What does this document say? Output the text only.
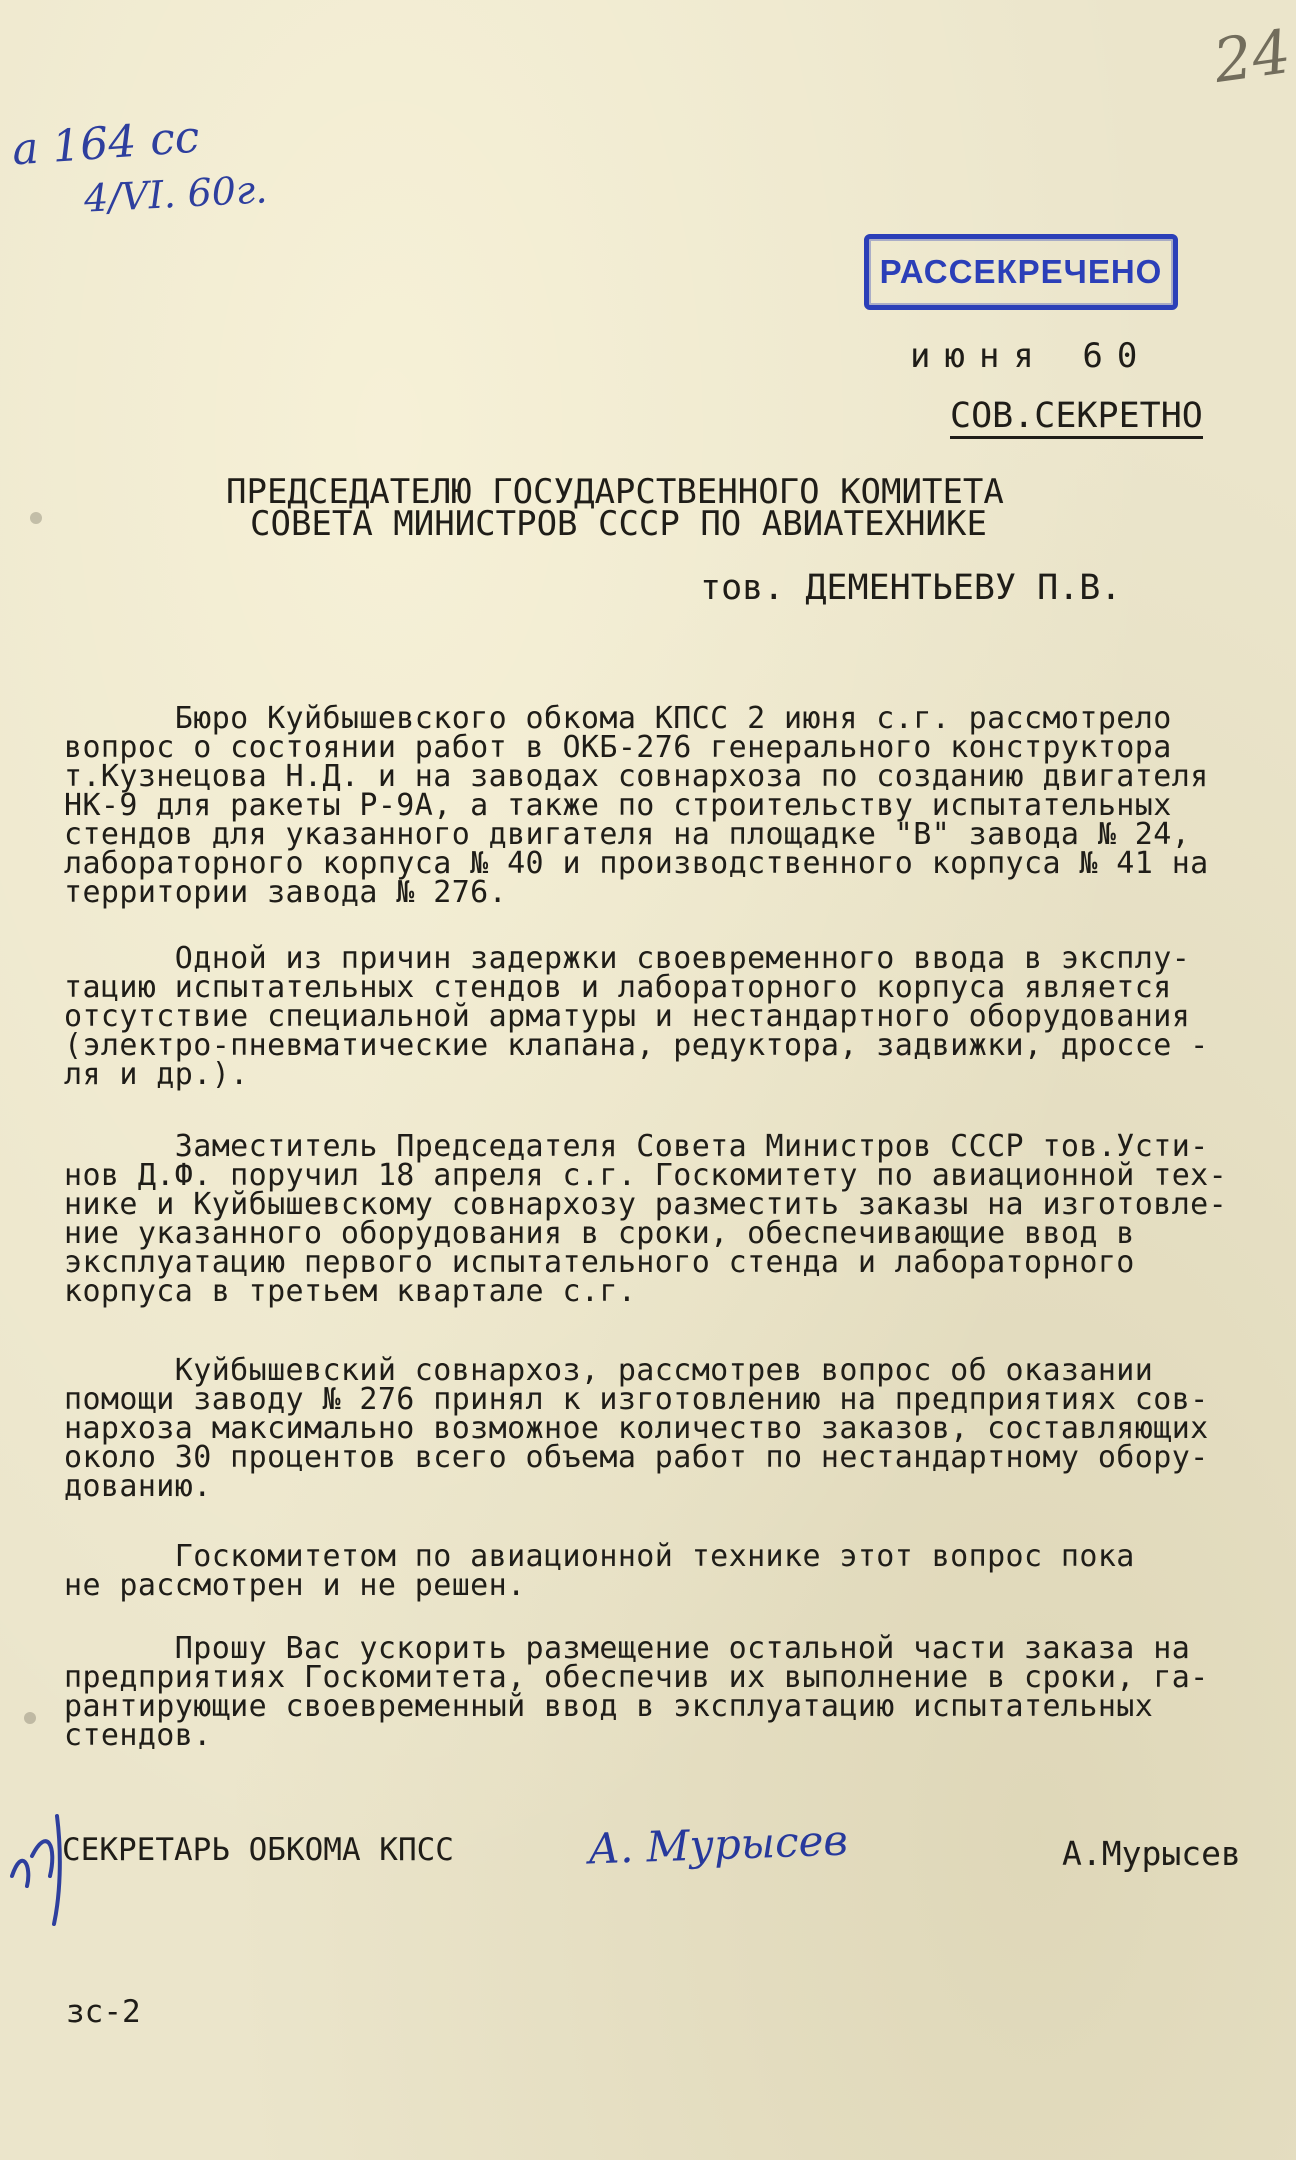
а 164 сс
4/VI. 60г.
24
РАССЕКРЕЧЕНО
июня 60
СОВ.СЕКРЕТНО
ПРЕДСЕДАТЕЛЮ ГОСУДАРСТВЕННОГО КОМИТЕТА
СОВЕТА МИНИСТРОВ СССР ПО АВИАТЕХНИКЕ
тов. ДЕМЕНТЬЕВУ П.В.
Бюро Куйбышевского обкома КПСС 2 июня с.г. рассмотрело
вопрос о состоянии работ в ОКБ-276 генерального конструктора
т.Кузнецова Н.Д. и на заводах совнархоза по созданию двигателя
НК-9 для ракеты Р-9А, а также по строительству испытательных
стендов для указанного двигателя на площадке "В" завода № 24,
лабораторного корпуса № 40 и производственного корпуса № 41 на
территории завода № 276.
Одной из причин задержки своевременного ввода в эксплу-
тацию испытательных стендов и лабораторного корпуса является
отсутствие специальной арматуры и нестандартного оборудования
(электро-пневматические клапана, редуктора, задвижки, дроссе -
ля и др.).
Заместитель Председателя Совета Министров СССР тов.Усти-
нов Д.Ф. поручил 18 апреля с.г. Госкомитету по авиационной тех-
нике и Куйбышевскому совнархозу разместить заказы на изготовле-
ние указанного оборудования в сроки, обеспечивающие ввод в
эксплуатацию первого испытательного стенда и лабораторного
корпуса в третьем квартале с.г.
Куйбышевский совнархоз, рассмотрев вопрос об оказании
помощи заводу № 276 принял к изготовлению на предприятиях сов-
нархоза максимально возможное количество заказов, составляющих
около 30 процентов всего объема работ по нестандартному обору-
дованию.
Госкомитетом по авиационной технике этот вопрос пока
не рассмотрен и не решен.
Прошу Вас ускорить размещение остальной части заказа на
предприятиях Госкомитета, обеспечив их выполнение в сроки, га-
рантирующие своевременный ввод в эксплуатацию испытательных
стендов.
СЕКРЕТАРЬ ОБКОМА КПСС	А. Мурысев	А.Мурысев
зс-2
